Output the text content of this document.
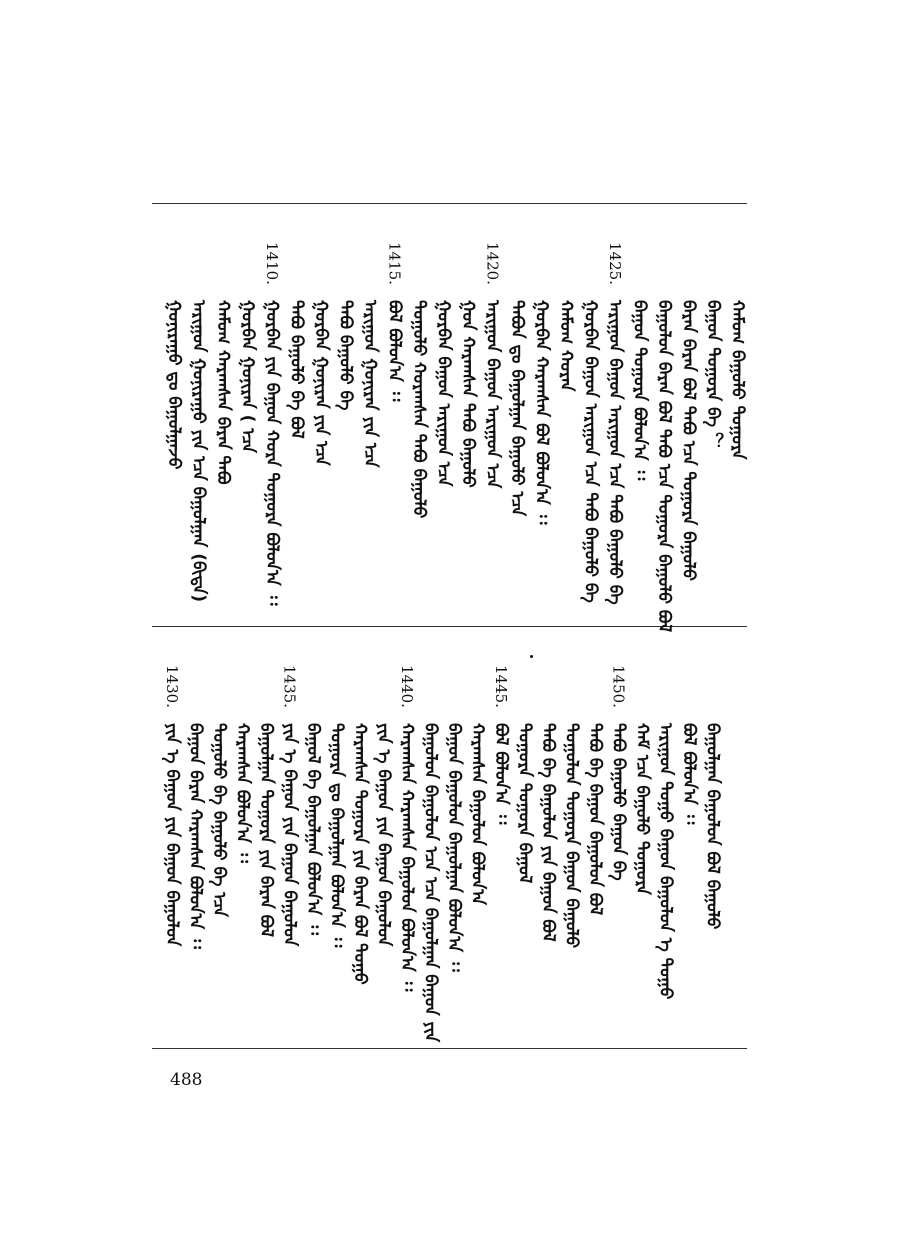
ᠭᠤᠨᠢᠷᠠᠭᠤ ᠳᠤ ᠪᠠᠭᠤᠯᠭᠠᠵᠤ ᠠᠷᠢᠭᠤᠨ ᠭᠤᠨᠢᠷᠠᠭᠤ ᠶᠢᠨ ᠡᠴᠡ ᠪᠠᠭᠤᠯᠭᠠᠨ (ᠪᠢᠳᠡ) ᠬᠠᠮᠤᠭ ᠬᠠᠷᠠᠭᠰᠠᠨ ᠪᠠᠷᠠᠨ ᠲᠠᠪᠤ ᠭᠤᠷᠪᠠᠨ ᠭᠤᠨᠢᠷᠠᠨ ( ᠡᠴᠡ ᠭᠤᠷᠪᠠᠨ ᠶᠢᠨ ᠪᠠᠭᠤᠨ ᠬᠤᠷᠠ ᠲᠤᠭᠤᠷᠠ ᠪᠤᠯᠤᠨ᠎ᠠ ᠄᠄ ᠲᠠᠪᠤ ᠪᠠᠭᠤᠯᠤ ᠪᠡ ᠪᠣᠯ ᠭᠤᠷᠪᠠᠨ ᠭᠤᠨᠢᠷᠠᠨ ᠶᠢᠨ ᠡᠴᠡ ᠲᠠᠪᠤ ᠪᠠᠭᠤᠯᠤ ᠪᠡ ᠠᠷᠢᠭᠤᠨ ᠭᠤᠨᠢᠷᠠᠨ ᠶᠢᠨ ᠡᠴᠡ ᠪᠣᠯ ᠪᠣᠯᠤᠨ᠎ᠠ ᠄᠄ ᠲᠤᠭᠤᠯᠤ ᠬᠤᠷᠠᠭᠰᠠᠨ ᠲᠠᠪᠤ ᠪᠠᠭᠤᠯᠤ ᠭᠤᠷᠪᠠᠨ ᠪᠠᠭᠤᠨ ᠠᠷᠢᠭᠤᠨ ᠡᠴᠡ ᠭᠤᠨ ᠬᠠᠷᠠᠭᠰᠠᠨ ᠲᠠᠪᠤ ᠪᠠᠭᠤᠯᠤ ᠠᠷᠢᠭᠤᠨ ᠪᠠᠭᠤᠨ ᠠᠷᠢᠭᠤᠨ ᠡᠴᠡ ᠲᠠᠪᠤᠨ ᠳᠤ ᠪᠠᠭᠤᠯᠭᠠᠨ ᠪᠠᠭᠤᠯᠤ ᠡᠴᠡ ᠭᠤᠷᠪᠠᠨ ᠬᠠᠷᠠᠭᠰᠠᠨ ᠪᠣᠯ ᠪᠣᠯᠤᠨ᠎ᠠ ᠄᠄ ᠬᠠᠮᠤᠭ ᠬᠤᠷᠠᠨ ᠭᠤᠷᠪᠠᠨ ᠪᠠᠭᠤᠨ ᠠᠷᠢᠭᠤᠨ ᠡᠴᠡ ᠲᠠᠪᠤ ᠪᠠᠭᠤᠯᠤ ᠪᠡ ᠠᠷᠢᠭᠤᠨ ᠪᠠᠭᠤᠨ ᠠᠷᠢᠭᠤᠨ ᠡᠴᠡ ᠲᠠᠪᠤ ᠪᠠᠭᠤᠯᠤ ᠪᠡ ᠪᠠᠭᠤᠨ ᠲᠤᠭᠤᠷᠠ ᠪᠣᠯᠤᠨ᠎ᠠ ᠄᠄ ᠪᠠᠭᠤᠯᠤᠨ ᠪᠠᠷᠠᠨ ᠪᠣᠯ ᠲᠠᠪᠤ ᠡᠴᠡ ᠲᠤᠭᠤᠷᠠ ᠪᠠᠭᠤᠯᠤ ᠪᠣᠯ ᠪᠠᠷᠠᠨ ᠪᠠᠷᠠᠨ ᠪᠣᠯ ᠲᠠᠪᠤ ᠡᠴᠡ ᠲᠤᠭᠤᠷᠠ ᠪᠠᠭᠤᠯᠤ ᠪᠠᠭᠤᠨ ᠲᠤᠭᠤᠷᠠ ᠪᠡ ？ ᠬᠠᠮᠤᠭ ᠪᠠᠭᠤᠯᠤ ᠲᠤᠭᠤᠷᠠ
1425.
1420.
1415.
1410.
ᠶᠢᠨ ᠡ ᠪᠠᠭᠤᠨ ᠶᠢᠨ ᠪᠠᠭᠤᠨ ᠪᠠᠭᠤᠯᠤᠨ ᠪᠠᠭᠤᠨ ᠪᠠᠷᠠᠨ ᠬᠠᠷᠠᠭᠰᠠᠨ ᠪᠣᠯᠤᠨ᠎ᠠ ᠄᠄ ᠲᠤᠭᠤᠯᠤ ᠪᠡ ᠪᠠᠭᠤᠯᠤ ᠪᠡ ᠡᠴᠡ ᠬᠠᠷᠠᠭᠰᠠᠨ ᠪᠣᠯᠤᠨ᠎ᠠ ᠄᠄ ᠪᠠᠭᠤᠯᠭᠠᠨ ᠲᠤᠭᠤᠷᠠ ᠶᠢᠨ ᠪᠠᠷᠠᠨ ᠪᠣᠯ ᠶᠢᠨ ᠡ ᠪᠠᠭᠤᠨ ᠶᠢᠨ ᠪᠠᠭᠤᠨ ᠪᠠᠭᠤᠯᠤᠨ ᠪᠠᠭᠤᠯ ᠪᠡ ᠪᠠᠭᠤᠯᠭᠠᠨ ᠪᠣᠯᠤᠨ᠎ᠠ ᠄᠄ ᠲᠤᠭᠤᠷᠠ ᠳᠤ ᠪᠠᠭᠤᠯᠭᠠᠨ ᠪᠣᠯᠤᠨ᠎ᠠ ᠄᠄ ᠬᠠᠷᠠᠭᠰᠠᠨ ᠲᠤᠭᠤᠷᠠ ᠶᠢᠨ ᠪᠠᠷᠠᠨ ᠪᠣᠯ ᠲᠤᠭᠤ ᠶᠢᠨ ᠡ ᠪᠠᠭᠤᠨ ᠶᠢᠨ ᠪᠠᠭᠤᠨ ᠪᠠᠭᠤᠯᠤᠨ ᠬᠠᠷᠠᠭᠰᠠᠨ ᠬᠠᠷᠠᠭᠰᠠᠨ ᠪᠠᠭᠤᠯᠤᠨ ᠪᠣᠯᠤᠨ᠎ᠠ ᠄᠄ ᠪᠠᠭᠤᠯᠤᠨ ᠪᠠᠭᠤᠯᠤᠨ ᠡᠴᠡ ᠡᠴᠡ ᠪᠠᠭᠤᠯᠭᠠᠨ ᠪᠠᠭᠤᠨ ᠶᠢᠨ ᠪᠠᠭᠤᠨ ᠪᠠᠭᠤᠯᠤᠨ ᠪᠠᠭᠤᠯᠭᠠᠨ ᠪᠣᠯᠤᠨ᠎ᠠ ᠄᠄ ᠬᠠᠷᠠᠭᠰᠠᠨ ᠪᠠᠭᠤᠯᠤᠨ ᠪᠣᠯᠤᠨ᠎ᠠ ᠪᠣᠯ ᠪᠣᠯᠤᠨ᠎ᠠ ᠄᠄ ᠲᠤᠭᠤᠷᠠ ᠲᠤᠭᠤᠷᠠ ᠪᠠᠭᠤᠯ ᠲᠠᠪᠤ ᠪᠡ ᠪᠠᠭᠤᠯᠤᠨ ᠶᠢᠨ ᠪᠠᠭᠤᠨ ᠪᠣᠯ ᠲᠤᠭᠤᠯᠤᠨ ᠲᠤᠭᠤᠷᠠ ᠪᠠᠭᠤᠨ ᠪᠠᠭᠤᠯᠤ ᠲᠠᠪᠤ ᠪᠡ ᠪᠠᠭᠤᠨ ᠪᠠᠭᠤᠯᠤᠨ ᠪᠣᠯ ᠲᠠᠪᠤ ᠪᠠᠭᠤᠯᠤ ᠪᠠᠭᠤᠨ ᠪᠡ ᠬᠠᠮ ᠡᠴᠡ ᠪᠠᠭᠤᠯᠤ ᠲᠤᠭᠤᠷᠠ ᠠᠷᠢᠭᠤᠨ ᠲᠤᠭᠤ ᠪᠠᠭᠤᠨ ᠪᠠᠭᠤᠯᠤᠨ ᠡ ᠲᠤᠭᠤ ᠪᠣᠯ ᠪᠣᠯᠤᠨ᠎ᠠ ᠄᠄ ᠪᠠᠭᠤᠯᠭᠠᠨ ᠪᠠᠭᠤᠯᠤᠨ ᠪᠣᠯ ᠪᠠᠭᠤᠯᠤ
1450.
1445.
1440.
1435.
1430.
488
